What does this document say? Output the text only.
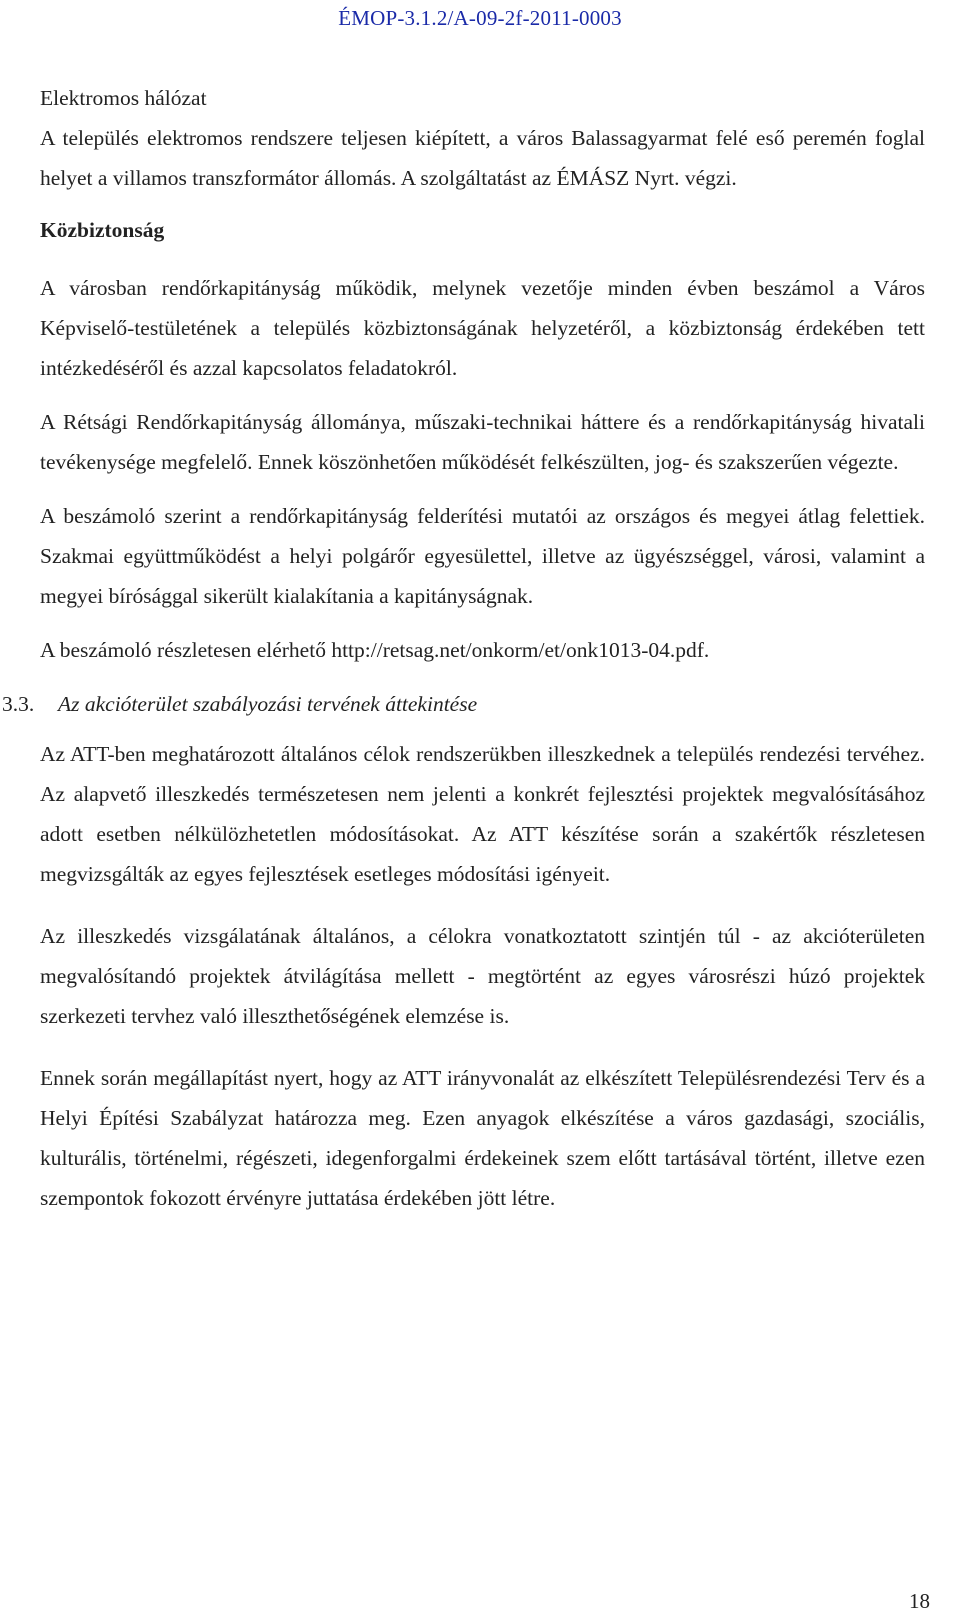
ÉMOP-3.1.2/A-09-2f-2011-0003
Elektromos hálózat

A település elektromos rendszere teljesen kiépített, a város Balassagyarmat felé eső peremén foglal helyet a villamos transzformátor állomás. A szolgáltatást az ÉMÁSZ Nyrt. végzi.

Közbiztonság

A városban rendőrkapitányság működik, melynek vezetője minden évben beszámol a Város Képviselő-testületének a település közbiztonságának helyzetéről, a közbiztonság érdekében tett intézkedéséről és azzal kapcsolatos feladatokról.

A Rétsági Rendőrkapitányság állománya, műszaki-technikai háttere és a rendőrkapitányság hivatali tevékenysége megfelelő. Ennek köszönhetően működését felkészülten, jog- és szakszerűen végezte.

A beszámoló szerint a rendőrkapitányság felderítési mutatói az országos és megyei átlag felettiek. Szakmai együttműködést a helyi polgárőr egyesülettel, illetve az ügyészséggel, városi, valamint a megyei bírósággal sikerült kialakítania a kapitányságnak.

A beszámoló részletesen elérhető http://retsag.net/onkorm/et/onk1013-04.pdf.

3.3. Az akcióterület szabályozási tervének áttekintése

Az ATT-ben meghatározott általános célok rendszerükben illeszkednek a település rendezési tervéhez. Az alapvető illeszkedés természetesen nem jelenti a konkrét fejlesztési projektek megvalósításához adott esetben nélkülözhetetlen módosításokat. Az ATT készítése során a szakértők részletesen megvizsgálták az egyes fejlesztések esetleges módosítási igényeit.

Az illeszkedés vizsgálatának általános, a célokra vonatkoztatott szintjén túl - az akcióterületen megvalósítandó projektek átvilágítása mellett - megtörtént az egyes városrészi húzó projektek szerkezeti tervhez való illeszthetőségének elemzése is.

Ennek során megállapítást nyert, hogy az ATT irányvonalát az elkészített Településrendezési Terv és a Helyi Építési Szabályzat határozza meg. Ezen anyagok elkészítése a város gazdasági, szociális, kulturális, történelmi, régészeti, idegenforgalmi érdekeinek szem előtt tartásával történt, illetve ezen szempontok fokozott érvényre juttatása érdekében jött létre.

18
